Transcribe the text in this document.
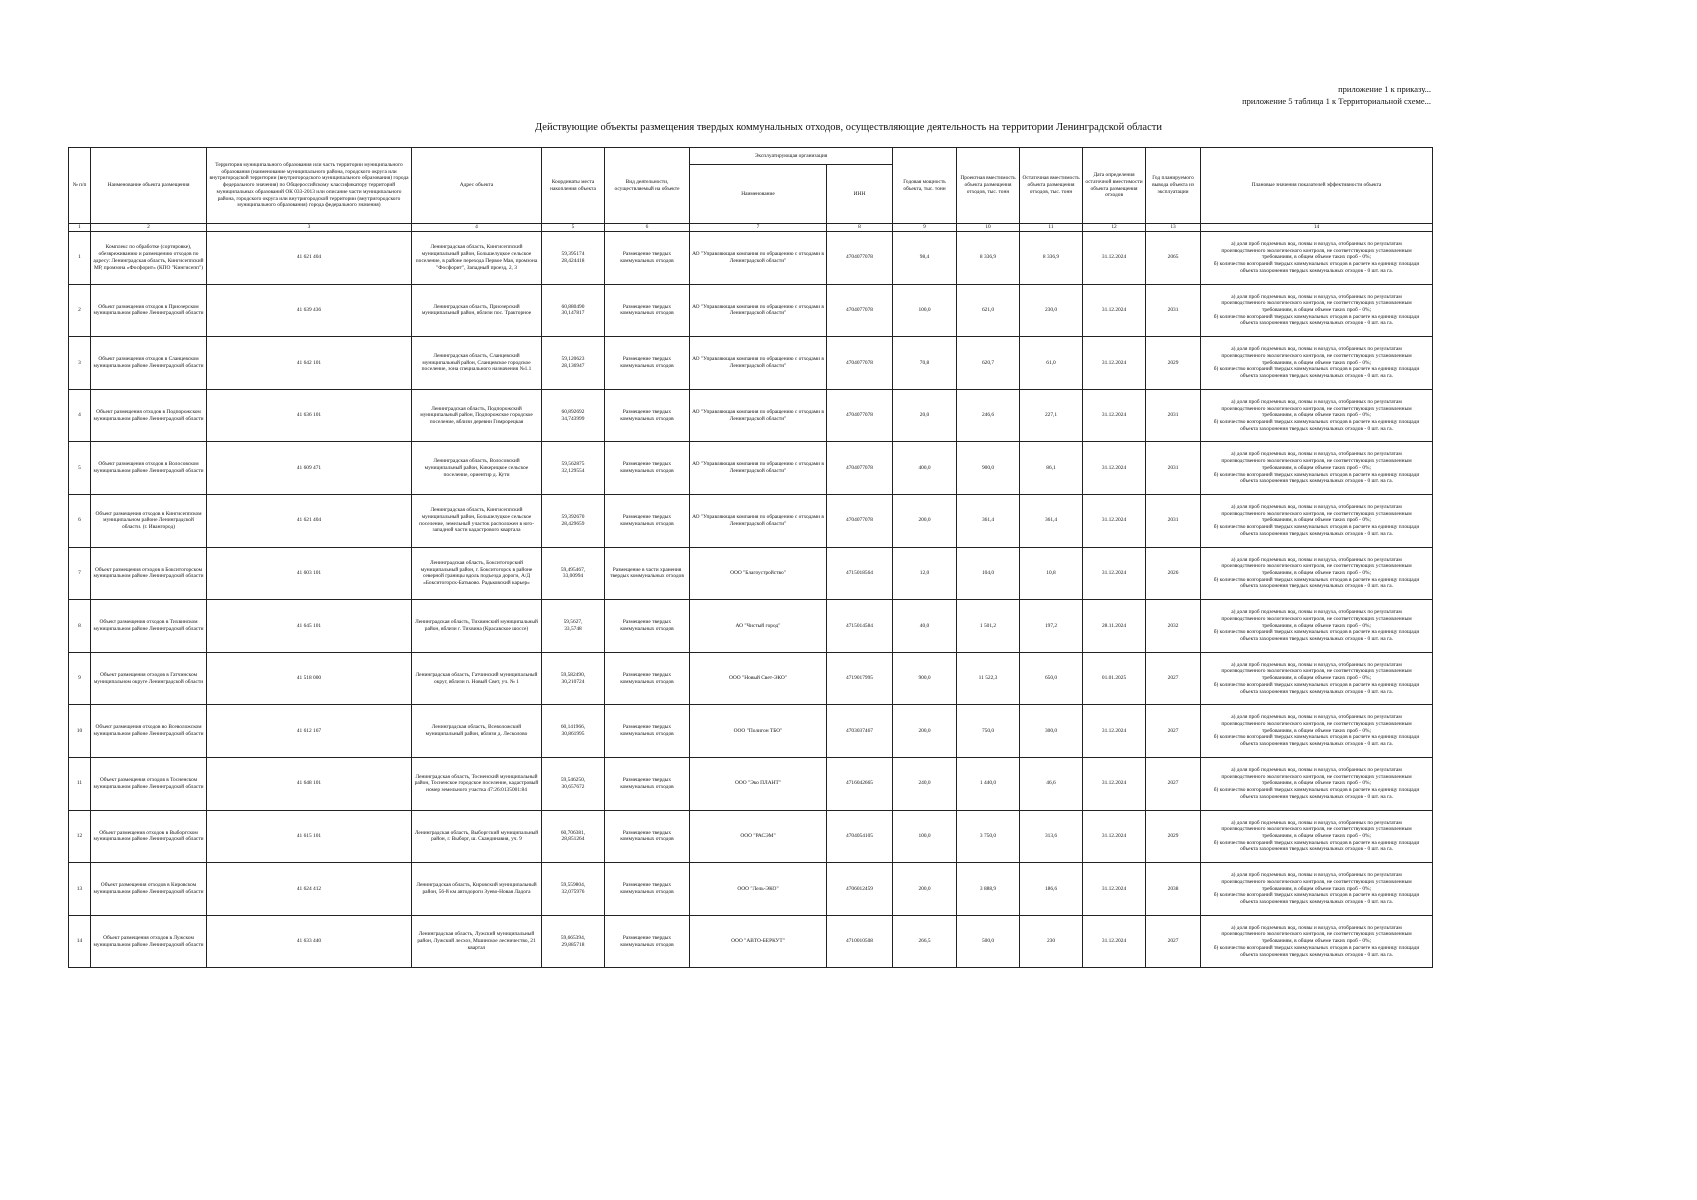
приложение 1 к приказу...
приложение 5 таблица 1 к Территориальной схеме...
Действующие объекты размещения твердых коммунальных отходов, осуществляющие деятельность на территории Ленинградской области
№ п/п	Наименование объекта размещения	Территория муниципального образования или часть территории муниципального образования (наименование муниципального района, городского округа или внутригородской территории (внутригородского муниципального образования) города федерального значения) по Общероссийскому классификатору территорий муниципальных образований ОК 033-2013 или описание части муниципального района, городского округа или внутригородской территории (внутригородского муниципального образования) города федерального значения)	Адрес объекта	Координаты места накопления объекта	Вид деятельности, осуществляемый на объекте	Эксплуатирующая организация		Годовая мощность объекта, тыс. тонн	Проектная вместимость объекта размещения отходов, тыс. тонн	Остаточная вместимость объекта размещения отходов, тыс. тонн	Дата определения остаточной вместимости объекта размещения отходов	Год планируемого вывода объекта из эксплуатации	Плановые значения показателей эффективности объекта
						Наименование	ИНН						
1	2	3	4	5	6	7	8	9	10	11	12	13	14
1	Комплекс по обработке (сортировке), обезвреживанию и размещению отходов по адресу: Ленинградская область, Кингисеппский МР, промзона «Фосфорит» (КПО "Кингисепп")	41 621 404	Ленинградская область, Кингисеппский муниципальный район, Большелуцкое сельское поселение, в районе перехода Первое Мая, промзона "Фосфорит", Западный проезд, 2, 3	59,395174
28,424418	Размещение твердых коммунальных отходов	АО "Управляющая компания по обращению с отходами в Ленинградской области"	4704077078	98,4	8 336,9	8 336,9	31.12.2024	2065	а) доля проб подземных вод, почвы и воздуха, отобранных по результатам
производственного экологического контроля, не соответствующих установленным
требованиям, в общем объеме таких проб - 0%;
б) количество возгораний твердых коммунальных отходов в расчете на единицу площади
объекта захоронения твердых коммунальных отходов - 0 шт. на га.

2	Объект размещения отходов в Приозерском муниципальном районе Ленинградской области	41 639 436	Ленинградская область, Приозерский муниципальный район, вблизи пос. Тракторное	60,880490
30,147817	Размещение твердых коммунальных отходов	АО "Управляющая компания по обращению с отходами в Ленинградской области"	4704077078	100,0	621,0	230,0	31.12.2024	2031	а) доля проб подземных вод, почвы и воздуха, отобранных по результатам
производственного экологического контроля, не соответствующих установленным
требованиям, в общем объеме таких проб - 0%;
б) количество возгораний твердых коммунальных отходов в расчете на единицу площади
объекта захоронения твердых коммунальных отходов - 0 шт. на га.

3	Объект размещения отходов в Сланцевском муниципальном районе Ленинградской области	41 642 101	Ленинградская область, Сланцевский муниципальный район, Сланцевское городское поселение, зона специального назначения №1.1	59,120623
28,136947	Размещение твердых коммунальных отходов	АО "Управляющая компания по обращению с отходами в Ленинградской области"	4704077078	70,8	620,7	61,0	31.12.2024	2029	а) доля проб подземных вод, почвы и воздуха, отобранных по результатам
производственного экологического контроля, не соответствующих установленным
требованиям, в общем объеме таких проб - 0%;
б) количество возгораний твердых коммунальных отходов в расчете на единицу площади
объекта захоронения твердых коммунальных отходов - 0 шт. на га.

4	Объект размещения отходов в Подпорожском муниципальном районе Ленинградской области	41 636 101	Ленинградская область, Подпорожский муниципальный район, Подпорожское городское поселение, вблизи деревни Гимрорецкая	60,892692
34,743999	Размещение твердых коммунальных отходов	АО "Управляющая компания по обращению с отходами в Ленинградской области"	4704077078	20,0	246,6	227,1	31.12.2024	2031	а) доля проб подземных вод, почвы и воздуха, отобранных по результатам
производственного экологического контроля, не соответствующих установленным
требованиям, в общем объеме таких проб - 0%;
б) количество возгораний твердых коммунальных отходов в расчете на единицу площади
объекта захоронения твердых коммунальных отходов - 0 шт. на га.

5	Объект размещения отходов в Волосовском муниципальном районе Ленинградской области	41 609 471	Ленинградская область, Волосовский муниципальный район, Кикерицкое сельское поселение, ориентир д. Кути	59,562875
32,129554	Размещение твердых коммунальных отходов	АО "Управляющая компания по обращению с отходами в Ленинградской области"	4704077078	400,0	900,0	86,1	31.12.2024	2031	а) доля проб подземных вод, почвы и воздуха, отобранных по результатам
производственного экологического контроля, не соответствующих установленным
требованиям, в общем объеме таких проб - 0%;
б) количество возгораний твердых коммунальных отходов в расчете на единицу площади
объекта захоронения твердых коммунальных отходов - 0 шт. на га.

6	Объект размещения отходов в Кингисеппском муниципальном районе Ленинградской области. (г. Ивангород)	41 621 404	Ленинградская область, Кингисеппский муниципальный район, Большелуцкое сельское поселение, земельный участок расположен в юго-западной части кадастрового квартала	59,392670
28,429659	Размещение твердых коммунальных отходов	АО "Управляющая компания по обращению с отходами в Ленинградской области"	4704077078	200,0	361,4	361,4	31.12.2024	2031	а) доля проб подземных вод, почвы и воздуха, отобранных по результатам
производственного экологического контроля, не соответствующих установленным
требованиям, в общем объеме таких проб - 0%;
б) количество возгораний твердых коммунальных отходов в расчете на единицу площади
объекта захоронения твердых коммунальных отходов - 0 шт. на га.

7	Объект размещения отходов в Бокситогорском муниципальном районе Ленинградской области	41 603 101	Ленинградская область, Бокситогорский муниципальный район, г. Бокситогорск в районе северной границы вдоль подъезда дороги, А/Д «Бокситогорск-Батьково. Радьковский карьер»	59,495467,
33,00994	Размещение в части хранения твердых коммунальных отходов	ООО "Благоустройство"	4715018564	12,0	104,0	10,8	31.12.2024	2026	а) доля проб подземных вод, почвы и воздуха, отобранных по результатам
производственного экологического контроля, не соответствующих установленным
требованиям, в общем объеме таких проб - 0%;
б) количество возгораний твердых коммунальных отходов в расчете на единицу площади
объекта захоронения твердых коммунальных отходов - 0 шт. на га.

8	Объект размещения отходов в Тихвинском муниципальном районе Ленинградской области	41 645 101	Ленинградская область, Тихвинский муниципальный район, вблизи г. Тихвина (Красавское шоссе)	59,5627,
33,5748	Размещение твердых коммунальных отходов	АО "Чистый город"	4715014584	40,0	1 501,2	197,2	28.11.2024	2032	а) доля проб подземных вод, почвы и воздуха, отобранных по результатам
производственного экологического контроля, не соответствующих установленным
требованиям, в общем объеме таких проб - 0%;
б) количество возгораний твердых коммунальных отходов в расчете на единицу площади
объекта захоронения твердых коммунальных отходов - 0 шт. на га.

9	Объект размещения отходов в Гатчинском муниципальном округе Ленинградской области	41 518 000	Ленинградская область, Гатчинский муниципальный округ, вблизи п. Новый Свет, уч. № 1	59,582490,
30,210724	Размещение твердых коммунальных отходов	ООО "Новый Свет-ЭКО"	4719017995	900,0	11 522,3	650,0	01.01.2025	2027	а) доля проб подземных вод, почвы и воздуха, отобранных по результатам
производственного экологического контроля, не соответствующих установленным
требованиям, в общем объеме таких проб - 0%;
б) количество возгораний твердых коммунальных отходов в расчете на единицу площади
объекта захоронения твердых коммунальных отходов - 0 шт. на га.

10	Объект размещения отходов во Всеволожском муниципальном районе Ленинградской области	41 612 167	Ленинградская область, Всеволожский муниципальный район, вблизи д. Лесколово	60,141966,
30,861995	Размещение твердых коммунальных отходов	ООО "Полигон ТБО"	4703037467	200,0	750,0	300,0	31.12.2024	2027	а) доля проб подземных вод, почвы и воздуха, отобранных по результатам
производственного экологического контроля, не соответствующих установленным
требованиям, в общем объеме таких проб - 0%;
б) количество возгораний твердых коммунальных отходов в расчете на единицу площади
объекта захоронения твердых коммунальных отходов - 0 шт. на га.

11	Объект размещения отходов в Тосненском муниципальном районе Ленинградской области	41 648 101	Ленинградская область, Тосненский муниципальный район, Тосненское городское поселение, кадастровый номер земельного участка 47:26:0135001:84	59,546250,
30,657672	Размещение твердых коммунальных отходов	ООО "Эко ПЛАНТ"	4716042665	240,0	1 440,0	46,6	31.12.2024	2027	а) доля проб подземных вод, почвы и воздуха, отобранных по результатам
производственного экологического контроля, не соответствующих установленным
требованиям, в общем объеме таких проб - 0%;
б) количество возгораний твердых коммунальных отходов в расчете на единицу площади
объекта захоронения твердых коммунальных отходов - 0 шт. на га.

12	Объект размещения отходов в Выборгском муниципальном районе Ленинградской области	41 615 101	Ленинградская область, Выборгский муниципальный район, г. Выборг, ш. Скандинавия, уч. 9	60,706381,
28,851264	Размещение твердых коммунальных отходов	ООО "РАСЭМ"	4704054105	100,0	3 750,0	313,6	31.12.2024	2029	а) доля проб подземных вод, почвы и воздуха, отобранных по результатам
производственного экологического контроля, не соответствующих установленным
требованиям, в общем объеме таких проб - 0%;
б) количество возгораний твердых коммунальных отходов в расчете на единицу площади
объекта захоронения твердых коммунальных отходов - 0 шт. на га.

13	Объект размещения отходов в Кировском муниципальном районе Ленинградской области	41 624 412	Ленинградская область, Кировский муниципальный район, 56-й км автодороги Зуево-Новая Ладога	59,559804,
32,075976	Размещение твердых коммунальных отходов	ООО "Лель-ЭКО"	4706012459	200,0	3 888,9	186,6	31.12.2024	2038	а) доля проб подземных вод, почвы и воздуха, отобранных по результатам
производственного экологического контроля, не соответствующих установленным
требованиям, в общем объеме таких проб - 0%;
б) количество возгораний твердых коммунальных отходов в расчете на единицу площади
объекта захоронения твердых коммунальных отходов - 0 шт. на га.

14	Объект размещения отходов в Лужском муниципальном районе Ленинградской области	41 633 440	Ленинградская область, Лужский муниципальный район, Лужский лесхоз, Мшинское лесничество, 21 квартал	59,665394,
29,885718	Размещение твердых коммунальных отходов	ООО "АВТО-БЕРКУТ"	4710010508	266,5	500,0	230	31.12.2024	2027	а) доля проб подземных вод, почвы и воздуха, отобранных по результатам
производственного экологического контроля, не соответствующих установленным
требованиям, в общем объеме таких проб - 0%;
б) количество возгораний твердых коммунальных отходов в расчете на единицу площади
объекта захоронения твердых коммунальных отходов - 0 шт. на га.
